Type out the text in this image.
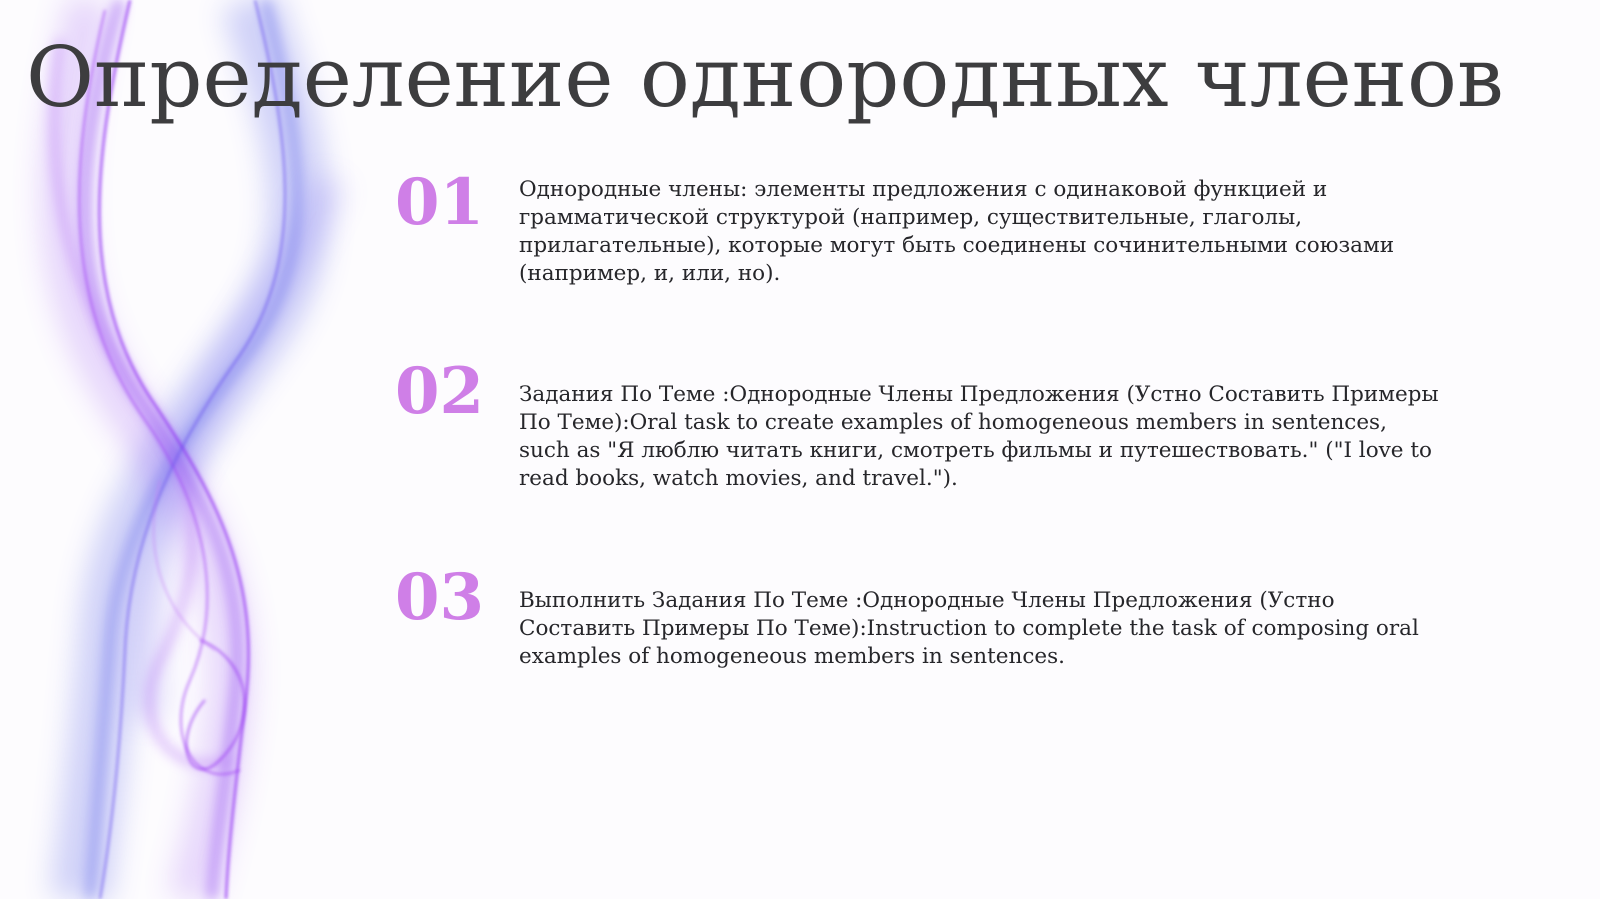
Определение однородных членов

01	Однородные члены: элементы предложения с одинаковой функцией и грамматической структурой (например, существительные, глаголы, прилагательные), которые могут быть соединены сочинительными союзами (например, и, или, но).

02	Задания По Теме :Однородные Члены Предложения (Устно Составить Примеры По Теме):Oral task to create examples of homogeneous members in sentences, such as "Я люблю читать книги, смотреть фильмы и путешествовать." ("I love to read books, watch movies, and travel.").

03	Выполнить Задания По Теме :Однородные Члены Предложения (Устно Составить Примеры По Теме):Instruction to complete the task of composing oral examples of homogeneous members in sentences.
